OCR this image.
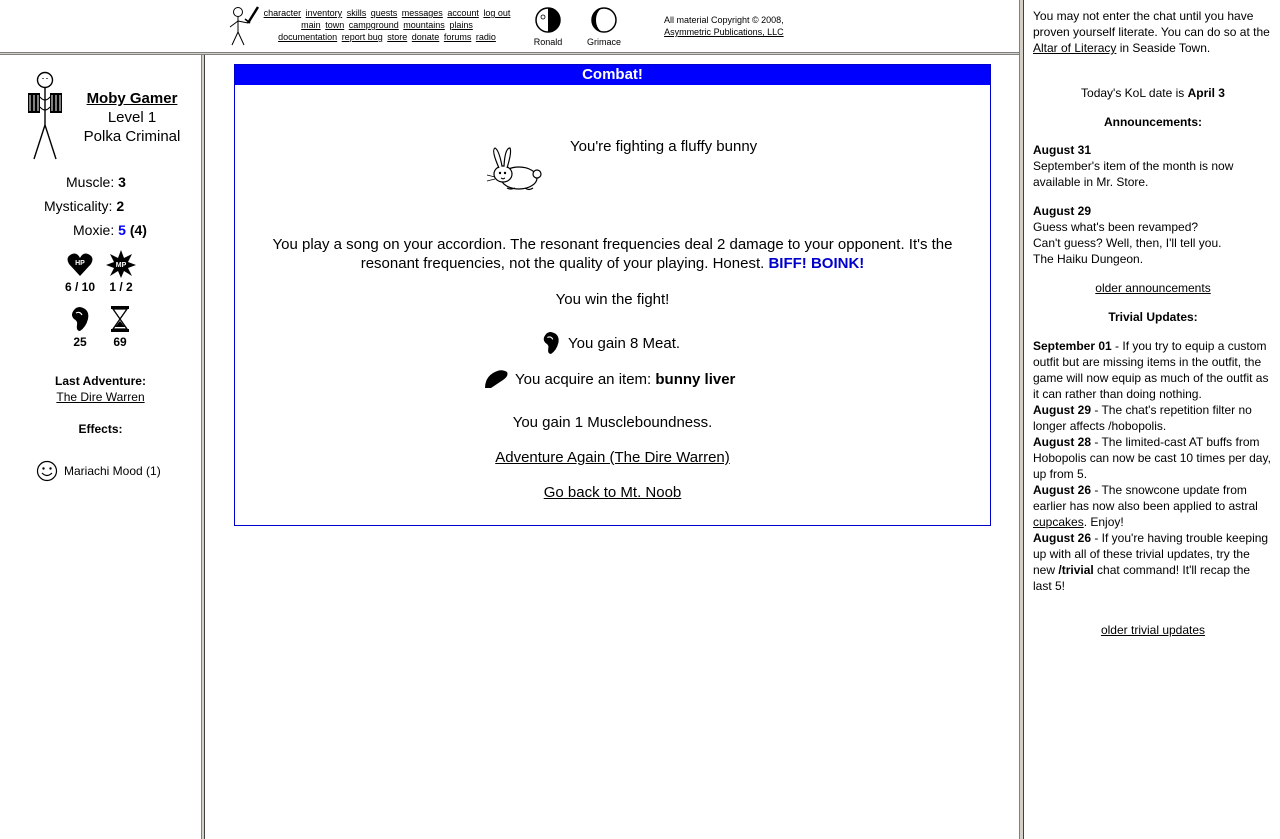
character inventory skills quests messages account log out
main town campground mountains plains
documentation report bug store donate forums radio	Ronald	Grimace
All material Copyright © 2008,
Asymmetric Publications, LLC
Moby Gamer
Level 1
Polka Criminal
Muscle: 3
Mysticality: 2
Moxie: 5 (4)
HP
6 / 10
MP
1 / 2
25	69
Last Adventure:
The Dire Warren
Effects:
Mariachi Mood (1)
Combat!
You're fighting a fluffy bunny
You play a song on your accordion. The resonant frequencies deal 2 damage to your opponent. It's the resonant frequencies, not the quality of your playing. Honest. BIFF! BOINK!
You win the fight!
You gain 8 Meat.
You acquire an item: bunny liver
You gain 1 Muscleboundness.
Adventure Again (The Dire Warren)
Go back to Mt. Noob
You may not enter the chat until you have proven yourself literate. You can do so at the Altar of Literacy in Seaside Town.
Today's KoL date is April 3
Announcements:
August 31
September's item of the month is now available in Mr. Store.
August 29
Guess what's been revamped?
Can't guess? Well, then, I'll tell you.
The Haiku Dungeon.
older announcements
Trivial Updates:
September 01 - If you try to equip a custom outfit but are missing items in the outfit, the game will now equip as much of the outfit as it can rather than doing nothing.
August 29 - The chat's repetition filter no longer affects /hobopolis.
August 28 - The limited-cast AT buffs from Hobopolis can now be cast 10 times per day, up from 5.
August 26 - The snowcone update from earlier has now also been applied to astral cupcakes. Enjoy!
August 26 - If you're having trouble keeping up with all of these trivial updates, try the new /trivial chat command! It'll recap the last 5!
older trivial updates
